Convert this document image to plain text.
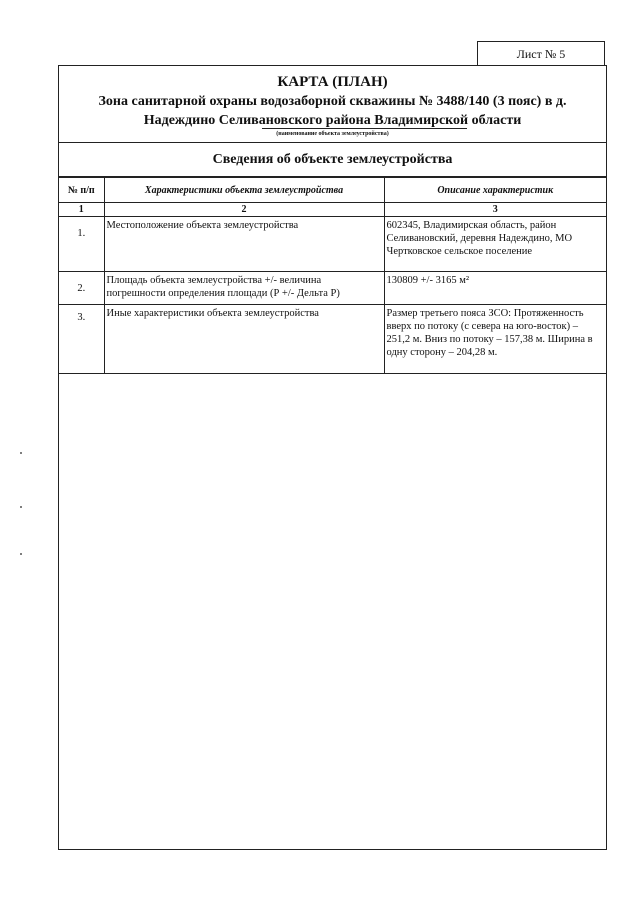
Лист № 5
КАРТА (ПЛАН)
Зона санитарной охраны водозаборной скважины № 3488/140 (3 пояс) в д.
Надеждино Селивановского района Владимирской области
(наименование объекта землеустройства)
Сведения об объекте землеустройства
№ п/п	Характеристики объекта землеустройства	Описание характеристик
1	2	3
1.	Местоположение объекта землеустройства	602345, Владимирская область, район Селивановский, деревня Надеждино, МО Чертковское сельское поселение
2.	Площадь объекта землеустройства +/- величина погрешности определения площади (Р +/- Дельта Р)	130809 +/- 3165 м²
3.	Иные характеристики объекта землеустройства	Размер третьего пояса ЗСО: Протяженность вверх по потоку (с севера на юго-восток) – 251,2 м. Вниз по потоку – 157,38 м. Ширина в одну сторону – 204,28 м.
